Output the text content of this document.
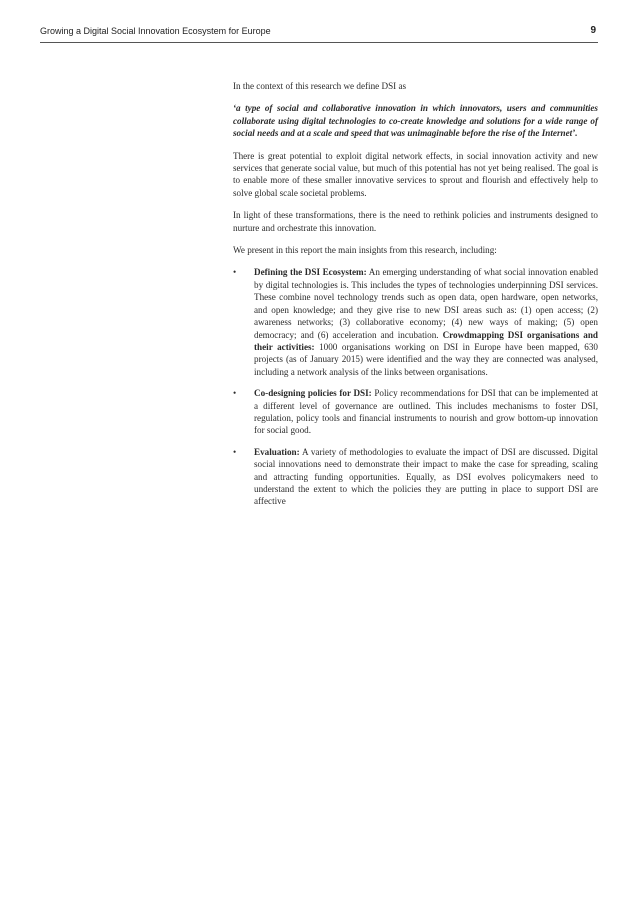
Growing a Digital Social Innovation Ecosystem for Europe	9

In the context of this research we define DSI as

‘a type of social and collaborative innovation in which innovators, users and communities collaborate using digital technologies to co-create knowledge and solutions for a wide range of social needs and at a scale and speed that was unimaginable before the rise of the Internet’.

There is great potential to exploit digital network effects, in social innovation activity and new services that generate social value, but much of this potential has not yet being realised. The goal is to enable more of these smaller innovative services to sprout and flourish and effectively help to solve global scale societal problems.

In light of these transformations, there is the need to rethink policies and instruments designed to nurture and orchestrate this innovation.

We present in this report the main insights from this research, including:

• Defining the DSI Ecosystem: An emerging understanding of what social innovation enabled by digital technologies is. This includes the types of technologies underpinning DSI services. These combine novel technology trends such as open data, open hardware, open networks, and open knowledge; and they give rise to new DSI areas such as: (1) open access; (2) awareness networks; (3) collaborative economy; (4) new ways of making; (5) open democracy; and (6) acceleration and incubation. Crowdmapping DSI organisations and their activities: 1000 organisations working on DSI in Europe have been mapped, 630 projects (as of January 2015) were identified and the way they are connected was analysed, including a network analysis of the links between organisations.
• Co-designing policies for DSI: Policy recommendations for DSI that can be implemented at a different level of governance are outlined. This includes mechanisms to foster DSI, regulation, policy tools and financial instruments to nourish and grow bottom-up innovation for social good.
• Evaluation: A variety of methodologies to evaluate the impact of DSI are discussed. Digital social innovations need to demonstrate their impact to make the case for spreading, scaling and attracting funding opportunities. Equally, as DSI evolves policymakers need to understand the extent to which the policies they are putting in place to support DSI are affective
